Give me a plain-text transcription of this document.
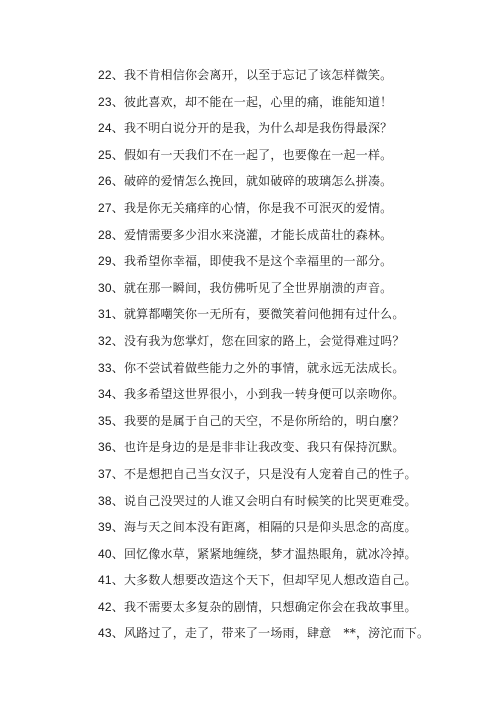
22、我不肯相信你会离开，以至于忘记了该怎样微笑。
23、彼此喜欢，却不能在一起，心里的痛，谁能知道！
24、我不明白说分开的是我，为什么却是我伤得最深？
25、假如有一天我们不在一起了，也要像在一起一样。
26、破碎的爱情怎么挽回，就如破碎的玻璃怎么拼凑。
27、我是你无关痛痒的心情，你是我不可泯灭的爱情。
28、爱情需要多少泪水来浇灌，才能长成苗壮的森林。
29、我希望你幸福，即使我不是这个幸福里的一部分。
30、就在那一瞬间，我仿佛听见了全世界崩溃的声音。
31、就算都嘲笑你一无所有，要微笑着问他拥有过什么。
32、没有我为您掌灯，您在回家的路上，会觉得难过吗？
33、你不尝试着做些能力之外的事情，就永远无法成长。
34、我多希望这世界很小，小到我一转身便可以亲吻你。
35、我要的是属于自己的天空，不是你所给的，明白麼？
36、也许是身边的是是非非让我改变、我只有保持沉默。
37、不是想把自己当女汉子，只是没有人宠着自己的性子。
38、说自己没哭过的人谁又会明白有时候笑的比哭更难受。
39、海与天之间本没有距离，相隔的只是仰头思念的高度。
40、回忆像水草，紧紧地缠绕，梦才温热眼角，就冰冷掉。
41、大多数人想要改造这个天下，但却罕见人想改造自己。
42、我不需要太多复杂的剧情，只想确定你会在我故事里。
43、风路过了，走了，带来了一场雨，肆意　**，滂沱而下。
